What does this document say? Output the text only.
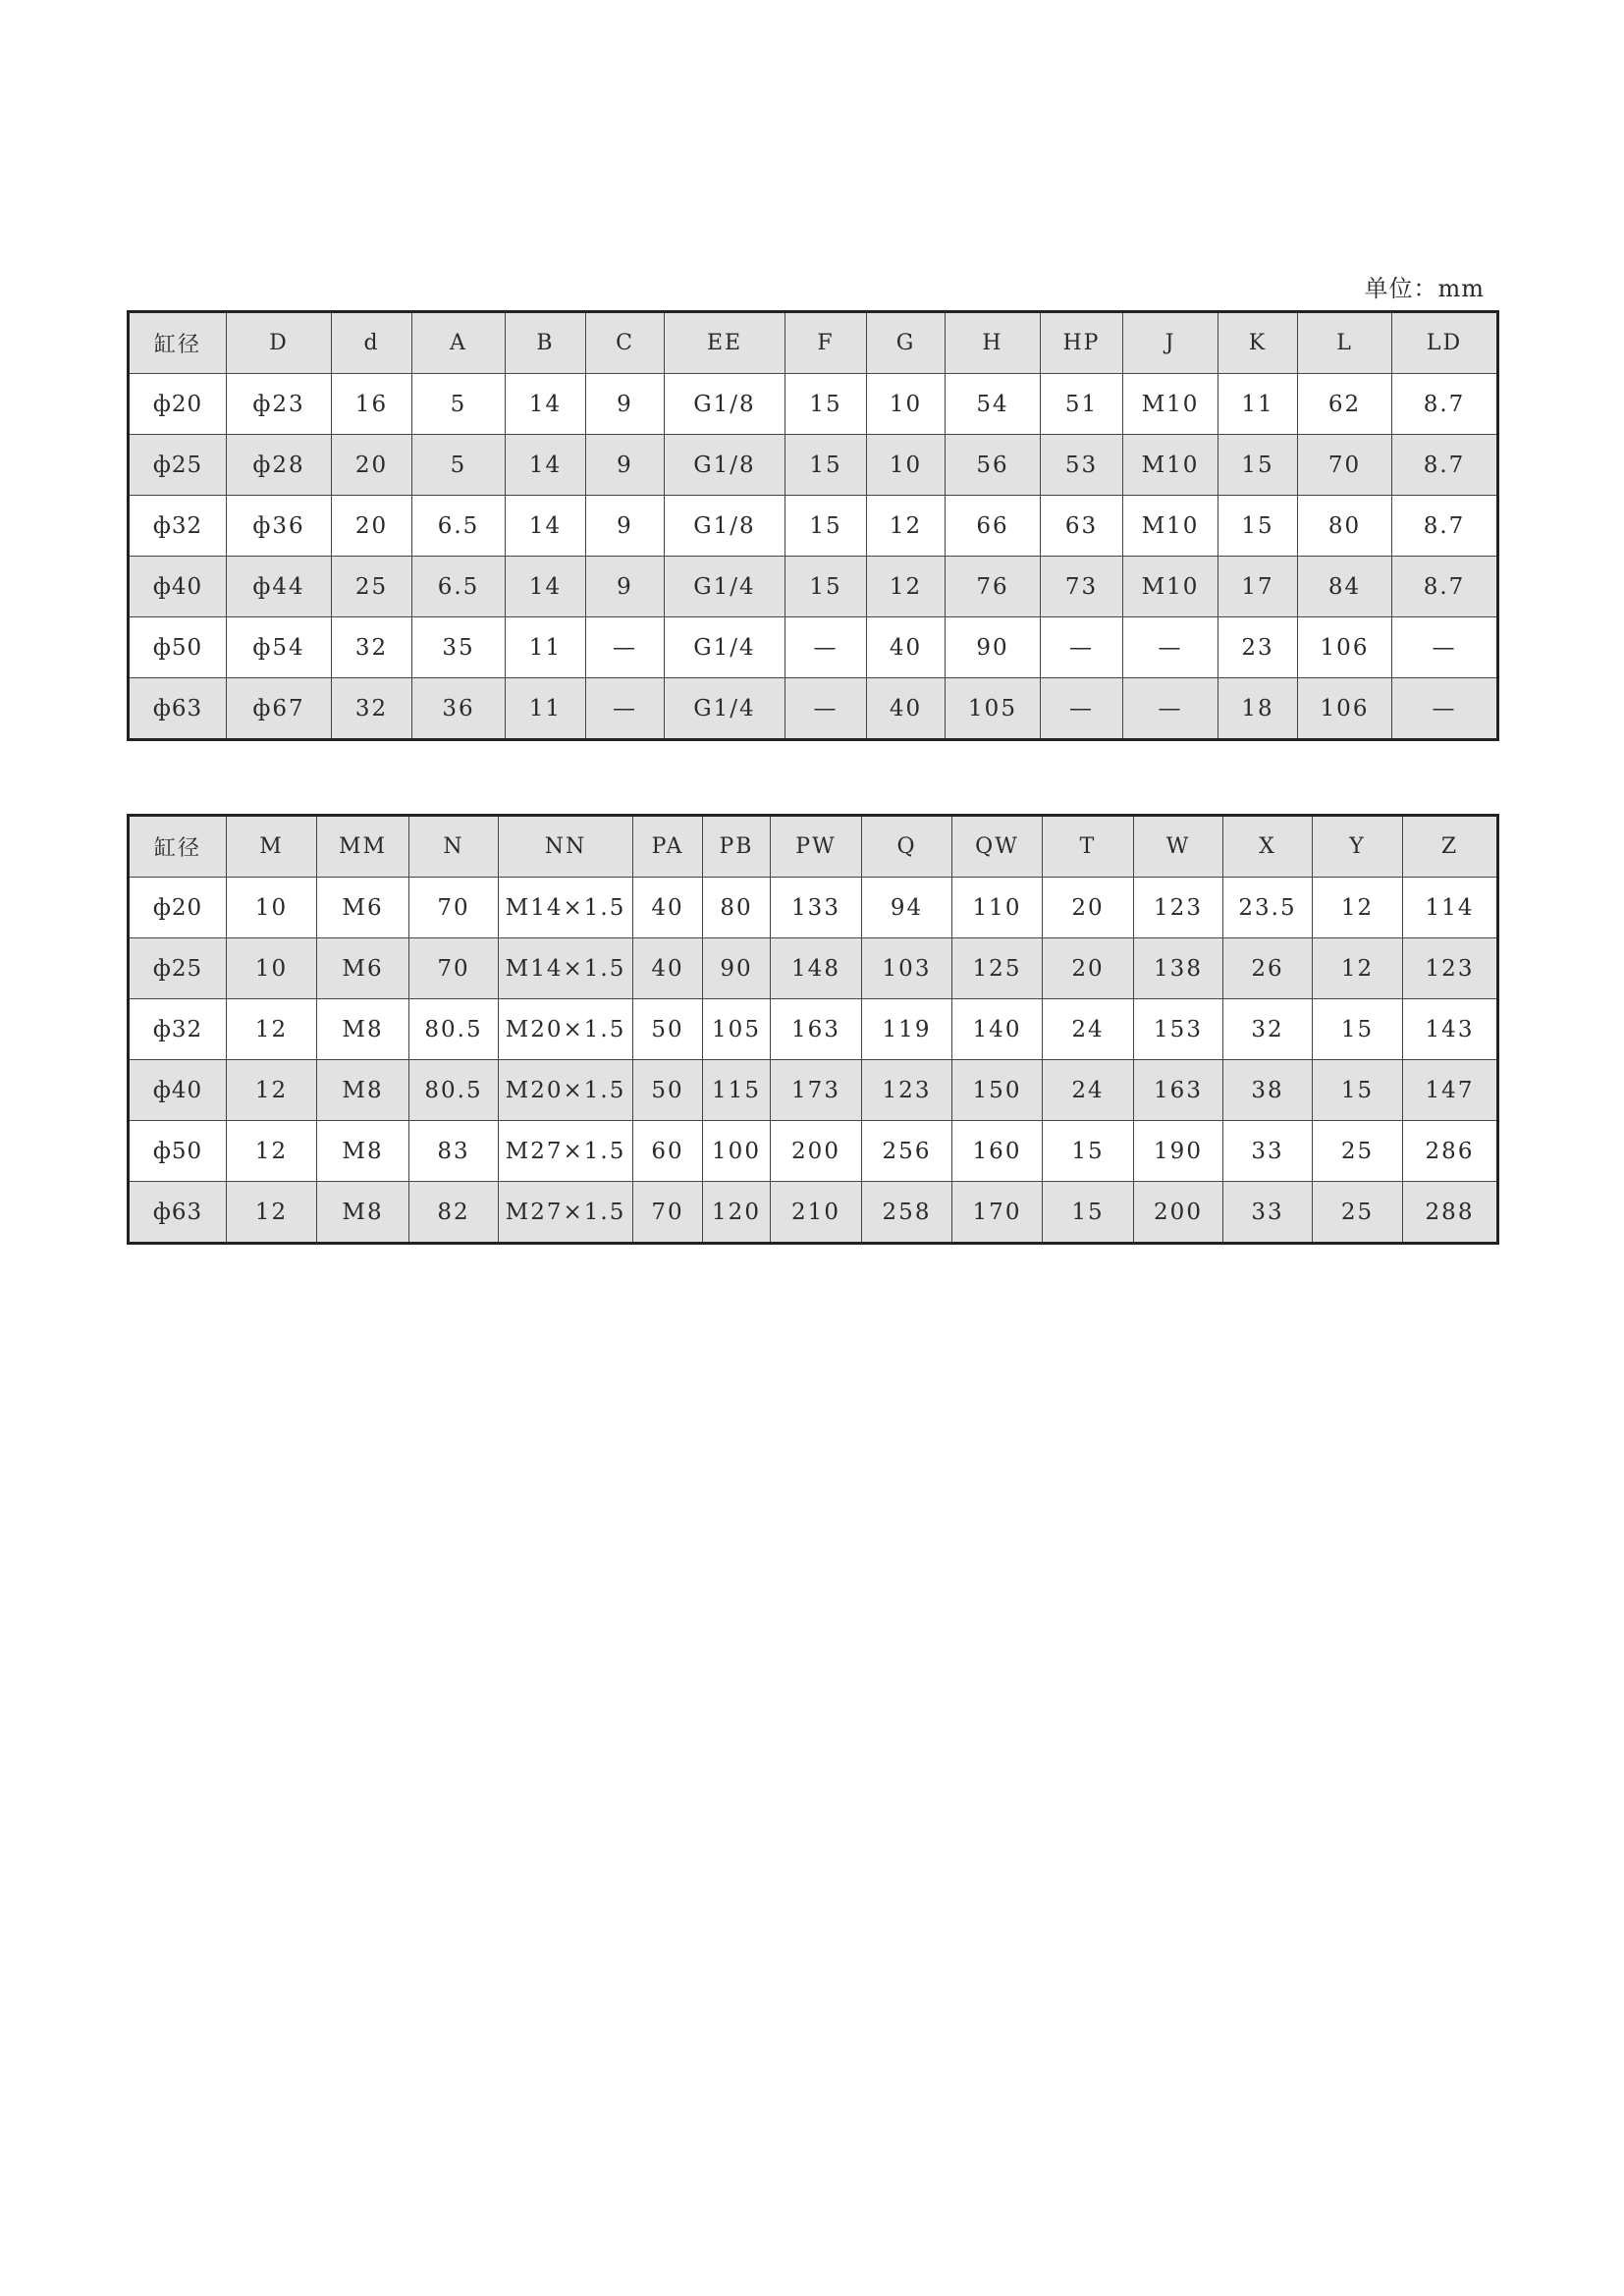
单位：mm
缸径	D	d	A	B	C	EE	F	G	H	HP	J	K	L	LD
ф20	ф23	16	5	14	9	G1/8	15	10	54	51	M10	11	62	8.7
ф25	ф28	20	5	14	9	G1/8	15	10	56	53	M10	15	70	8.7
ф32	ф36	20	6.5	14	9	G1/8	15	12	66	63	M10	15	80	8.7
ф40	ф44	25	6.5	14	9	G1/4	15	12	76	73	M10	17	84	8.7
ф50	ф54	32	35	11	—	G1/4	—	40	90	—	—	23	106	—
ф63	ф67	32	36	11	—	G1/4	—	40	105	—	—	18	106	—
缸径	M	MM	N	NN	PA	PB	PW	Q	QW	T	W	X	Y	Z
ф20	10	M6	70	M14×1.5	40	80	133	94	110	20	123	23.5	12	114
ф25	10	M6	70	M14×1.5	40	90	148	103	125	20	138	26	12	123
ф32	12	M8	80.5	M20×1.5	50	105	163	119	140	24	153	32	15	143
ф40	12	M8	80.5	M20×1.5	50	115	173	123	150	24	163	38	15	147
ф50	12	M8	83	M27×1.5	60	100	200	256	160	15	190	33	25	286
ф63	12	M8	82	M27×1.5	70	120	210	258	170	15	200	33	25	288
